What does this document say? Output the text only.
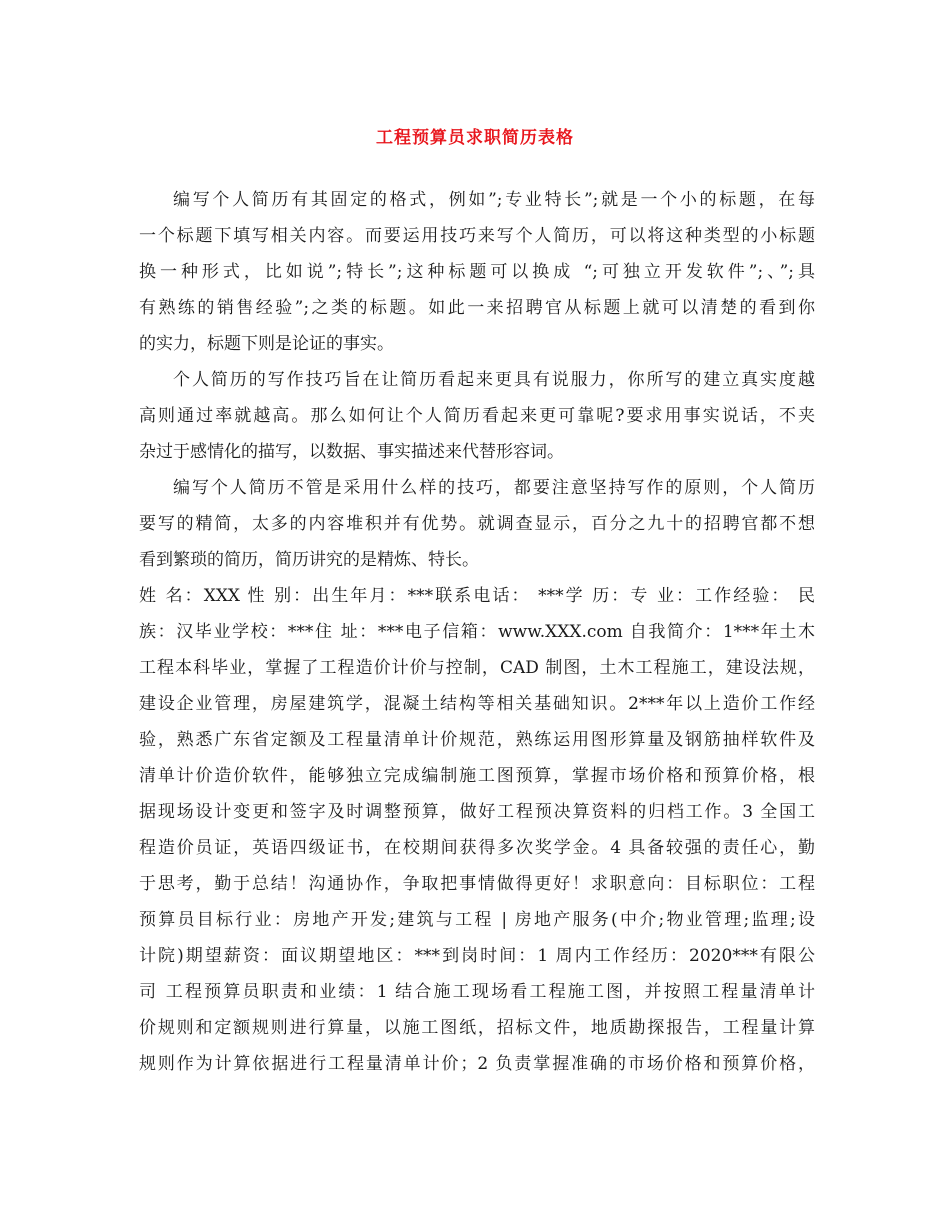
工程预算员求职简历表格
编写个人简历有其固定的格式，例如”;专业特长”;就是一个小的标题，在每
一个标题下填写相关内容。而要运用技巧来写个人简历，可以将这种类型的小标题
换一种形式，比如说”;特长”;这种标题可以换成 “;可独立开发软件”;、”;具
有熟练的销售经验”;之类的标题。如此一来招聘官从标题上就可以清楚的看到你
的实力，标题下则是论证的事实。
个人简历的写作技巧旨在让简历看起来更具有说服力，你所写的建立真实度越
高则通过率就越高。那么如何让个人简历看起来更可靠呢?要求用事实说话，不夹
杂过于感情化的描写，以数据、事实描述来代替形容词。
编写个人简历不管是采用什么样的技巧，都要注意坚持写作的原则，个人简历
要写的精简，太多的内容堆积并有优势。就调查显示，百分之九十的招聘官都不想
看到繁琐的简历，简历讲究的是精炼、特长。
姓 名：XXX 性 别：出生年月：***联系电话： ***学 历：专 业：工作经验： 民
族：汉毕业学校：***住 址：***电子信箱：www.XXX.com 自我简介：1***年土木
工程本科毕业，掌握了工程造价计价与控制，CAD 制图，土木工程施工，建设法规，
建设企业管理，房屋建筑学，混凝土结构等相关基础知识。2***年以上造价工作经
验，熟悉广东省定额及工程量清单计价规范，熟练运用图形算量及钢筋抽样软件及
清单计价造价软件，能够独立完成编制施工图预算，掌握市场价格和预算价格，根
据现场设计变更和签字及时调整预算，做好工程预决算资料的归档工作。3 全国工
程造价员证，英语四级证书，在校期间获得多次奖学金。4 具备较强的责任心，勤
于思考，勤于总结！沟通协作，争取把事情做得更好！求职意向：目标职位：工程
预算员目标行业：房地产开发;建筑与工程 | 房地产服务(中介;物业管理;监理;设
计院)期望薪资：面议期望地区：***到岗时间：1 周内工作经历：2020***有限公
司 工程预算员职责和业绩：1 结合施工现场看工程施工图，并按照工程量清单计
价规则和定额规则进行算量，以施工图纸，招标文件，地质勘探报告，工程量计算
规则作为计算依据进行工程量清单计价；2 负责掌握准确的市场价格和预算价格，
